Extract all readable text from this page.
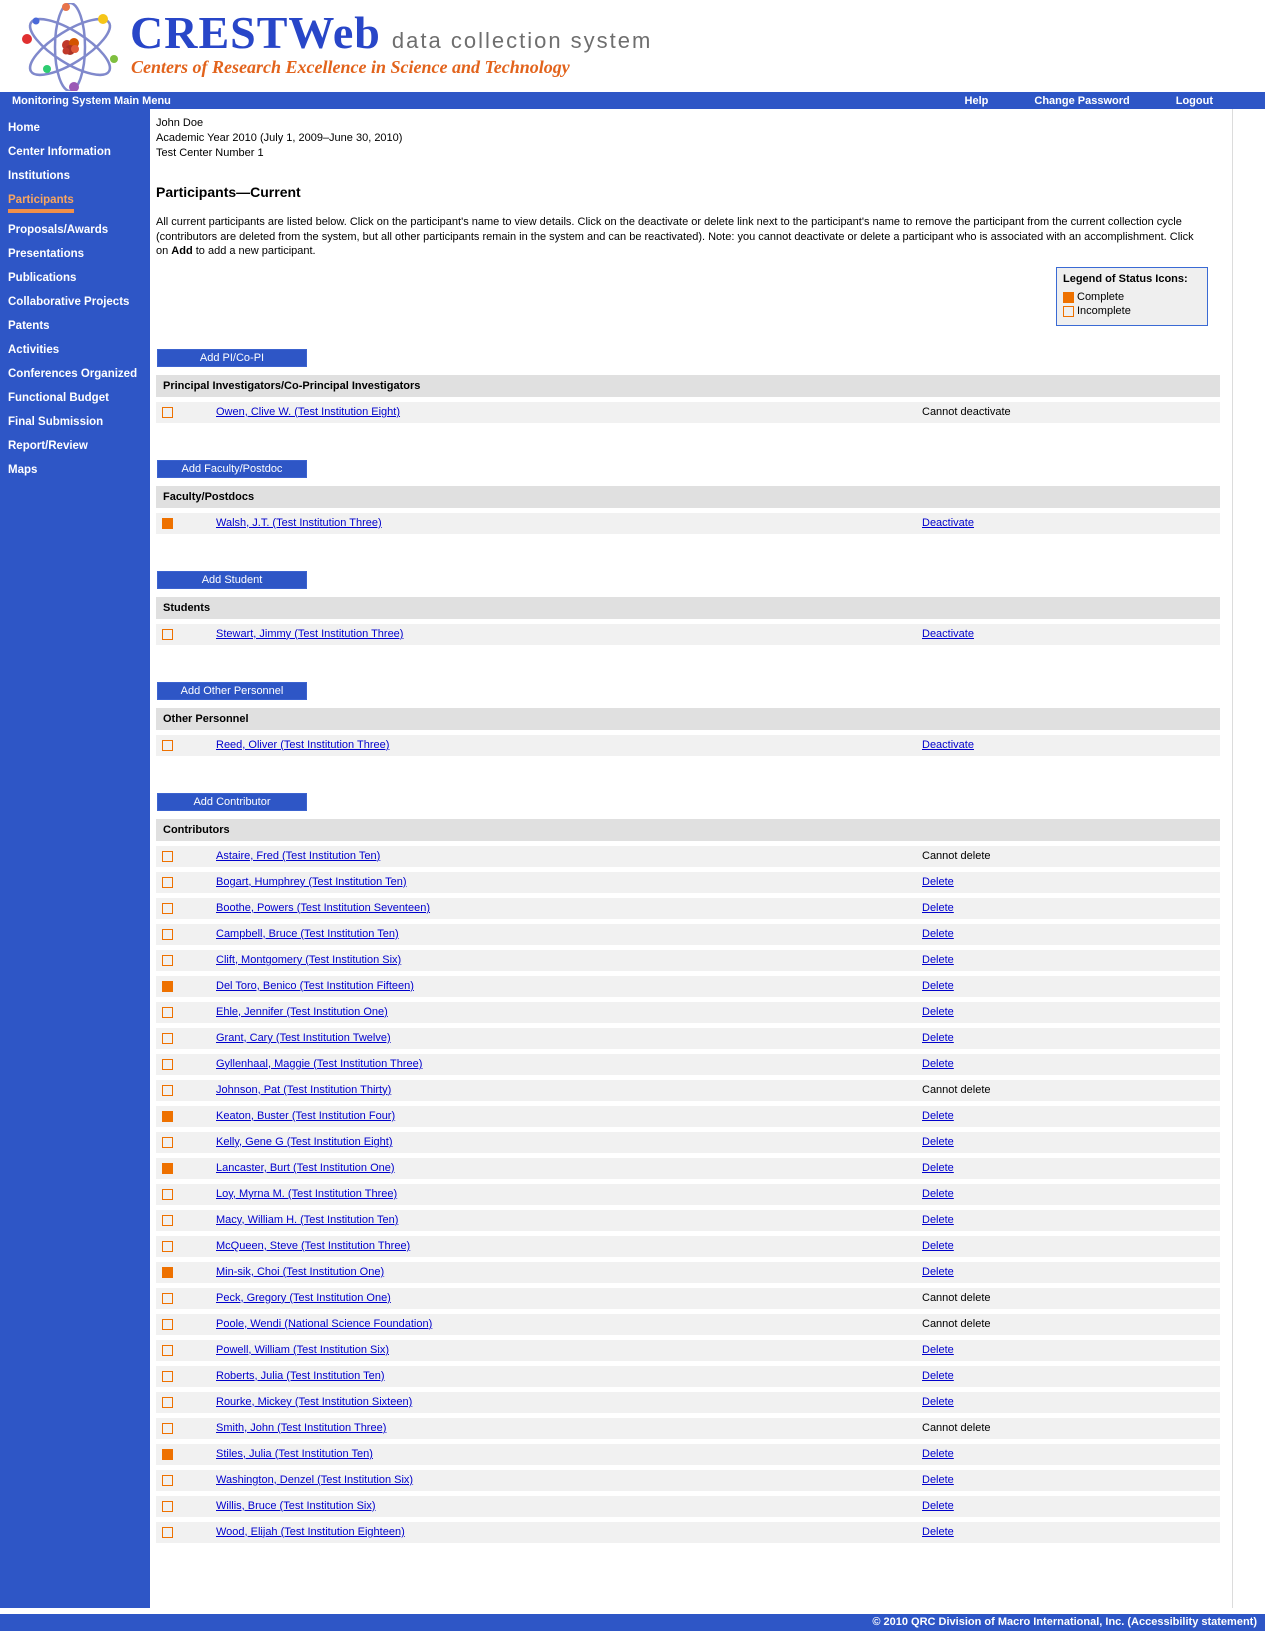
CRESTWeb data collection system
Centers of Research Excellence in Science and Technology
Monitoring System Main Menu	Help	Change Password	Logout
Home
Center Information
Institutions
Participants
Proposals/Awards
Presentations
Publications
Collaborative Projects
Patents
Activities
Conferences Organized
Functional Budget
Final Submission
Report/Review
Maps
John Doe
Academic Year 2010 (July 1, 2009–June 30, 2010)
Test Center Number 1
Participants—Current

All current participants are listed below. Click on the participant's name to view details. Click on the deactivate or delete link next to the participant's name to remove the participant from the current collection cycle (contributors are deleted from the system, but all other participants remain in the system and can be reactivated). Note: you cannot deactivate or delete a participant who is associated with an accomplishment. Click on Add to add a new participant.

Legend of Status Icons:
Complete
Incomplete
Add PI/Co-PI
Principal Investigators/Co-Principal Investigators
Owen, Clive W. (Test Institution Eight)	Cannot deactivate
Add Faculty/Postdoc
Faculty/Postdocs
Walsh, J.T. (Test Institution Three)	Deactivate
Add Student
Students
Stewart, Jimmy (Test Institution Three)	Deactivate
Add Other Personnel
Other Personnel
Reed, Oliver (Test Institution Three)	Deactivate
Add Contributor
Contributors
Astaire, Fred (Test Institution Ten)	Cannot delete
Bogart, Humphrey (Test Institution Ten)	Delete
Boothe, Powers (Test Institution Seventeen)	Delete
Campbell, Bruce (Test Institution Ten)	Delete
Clift, Montgomery (Test Institution Six)	Delete
Del Toro, Benico (Test Institution Fifteen)	Delete
Ehle, Jennifer (Test Institution One)	Delete
Grant, Cary (Test Institution Twelve)	Delete
Gyllenhaal, Maggie (Test Institution Three)	Delete
Johnson, Pat (Test Institution Thirty)	Cannot delete
Keaton, Buster (Test Institution Four)	Delete
Kelly, Gene G (Test Institution Eight)	Delete
Lancaster, Burt (Test Institution One)	Delete
Loy, Myrna M. (Test Institution Three)	Delete
Macy, William H. (Test Institution Ten)	Delete
McQueen, Steve (Test Institution Three)	Delete
Min-sik, Choi (Test Institution One)	Delete
Peck, Gregory (Test Institution One)	Cannot delete
Poole, Wendi (National Science Foundation)	Cannot delete
Powell, William (Test Institution Six)	Delete
Roberts, Julia (Test Institution Ten)	Delete
Rourke, Mickey (Test Institution Sixteen)	Delete
Smith, John (Test Institution Three)	Cannot delete
Stiles, Julia (Test Institution Ten)	Delete
Washington, Denzel (Test Institution Six)	Delete
Willis, Bruce (Test Institution Six)	Delete
Wood, Elijah (Test Institution Eighteen)	Delete
© 2010 QRC Division of Macro International, Inc. (Accessibility statement)
